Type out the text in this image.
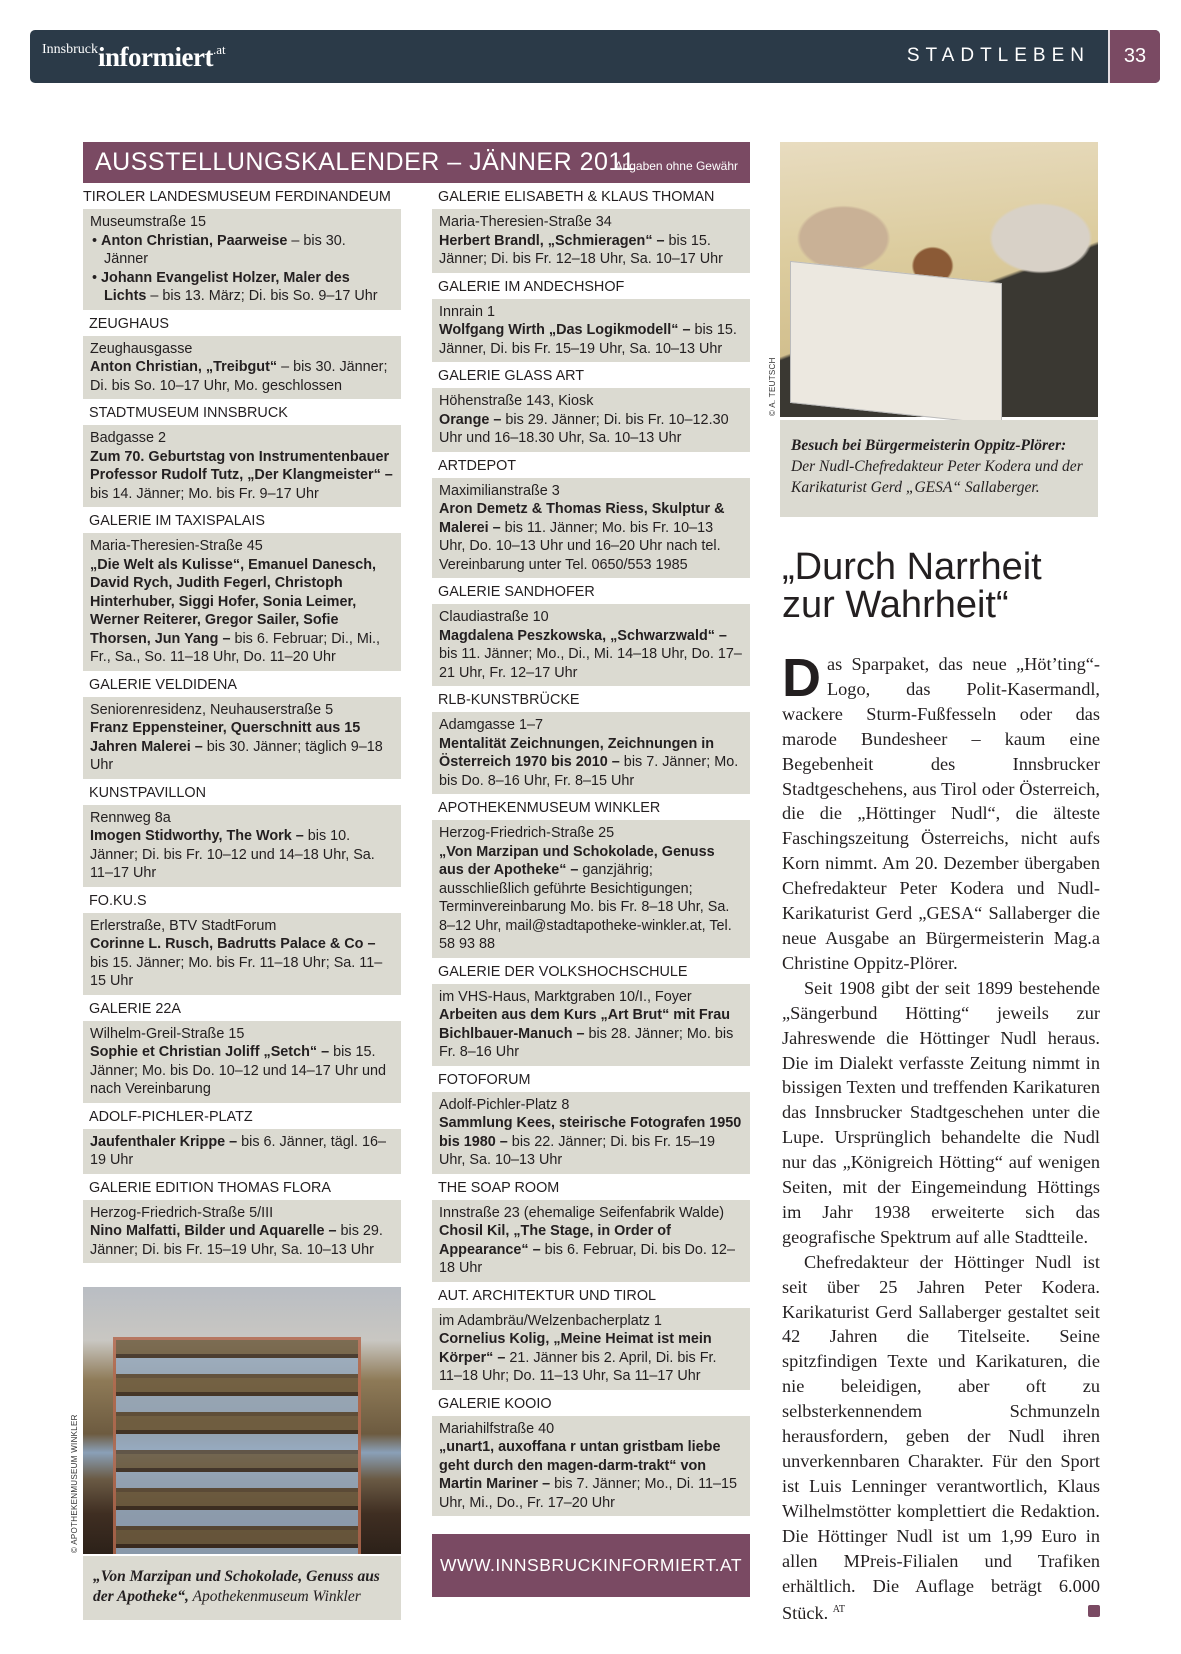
Innsbruckinformiert$^{.at}$	STADTLEBEN	33
AUSSTELLUNGSKALENDER – JÄNNER 2011
Angaben ohne Gewähr
TIROLER LANDESMUSEUM FERDINANDEUM
Museumstraße 15
• Anton Christian, Paarweise – bis 30. Jänner
• Johann Evangelist Holzer, Maler des Lichts – bis 13. März; Di. bis So. 9–17 Uhr
ZEUGHAUS
Zeughausgasse
Anton Christian, „Treibgut“ – bis 30. Jänner; Di. bis So. 10–17 Uhr, Mo. geschlossen
STADTMUSEUM INNSBRUCK
Badgasse 2
Zum 70. Geburtstag von Instrumentenbauer Professor Rudolf Tutz, „Der Klangmeister“ – bis 14. Jänner; Mo. bis Fr. 9–17 Uhr
GALERIE IM TAXISPALAIS
Maria-Theresien-Straße 45
„Die Welt als Kulisse“, Emanuel Danesch, David Rych, Judith Fegerl, Christoph Hinterhuber, Siggi Hofer, Sonia Leimer, Werner Reiterer, Gregor Sailer, Sofie Thorsen, Jun Yang – bis 6. Februar; Di., Mi., Fr., Sa., So. 11–18 Uhr, Do. 11–20 Uhr
GALERIE VELDIDENA
Seniorenresidenz, Neuhauserstraße 5
Franz Eppensteiner, Querschnitt aus 15 Jahren Malerei – bis 30. Jänner; täglich 9–18 Uhr
KUNSTPAVILLON
Rennweg 8a
Imogen Stidworthy, The Work – bis 10. Jänner; Di. bis Fr. 10–12 und 14–18 Uhr, Sa. 11–17 Uhr
FO.KU.S
Erlerstraße, BTV StadtForum
Corinne L. Rusch, Badrutts Palace & Co – bis 15. Jänner; Mo. bis Fr. 11–18 Uhr; Sa. 11–15 Uhr
GALERIE 22A
Wilhelm-Greil-Straße 15
Sophie et Christian Joliff „Setch“ – bis 15. Jänner; Mo. bis Do. 10–12 und 14–17 Uhr und nach Vereinbarung
ADOLF-PICHLER-PLATZ
Jaufenthaler Krippe – bis 6. Jänner, tägl. 16–19 Uhr
GALERIE EDITION THOMAS FLORA
Herzog-Friedrich-Straße 5/III
Nino Malfatti, Bilder und Aquarelle – bis 29. Jänner; Di. bis Fr. 15–19 Uhr, Sa. 10–13 Uhr
© APOTHEKENMUSEUM WINKLER
„Von Marzipan und Schokolade, Genuss aus der Apotheke“, Apothekenmuseum Winkler
GALERIE ELISABETH & KLAUS THOMAN
Maria-Theresien-Straße 34
Herbert Brandl, „Schmieragen“ – bis 15. Jänner; Di. bis Fr. 12–18 Uhr, Sa. 10–17 Uhr
GALERIE IM ANDECHSHOF
Innrain 1
Wolfgang Wirth „Das Logikmodell“ – bis 15. Jänner, Di. bis Fr. 15–19 Uhr, Sa. 10–13 Uhr
GALERIE GLASS ART
Höhenstraße 143, Kiosk
Orange – bis 29. Jänner; Di. bis Fr. 10–12.30 Uhr und 16–18.30 Uhr, Sa. 10–13 Uhr
ARTDEPOT
Maximilianstraße 3
Aron Demetz & Thomas Riess, Skulptur & Malerei – bis 11. Jänner; Mo. bis Fr. 10–13 Uhr, Do. 10–13 Uhr und 16–20 Uhr nach tel. Vereinbarung unter Tel. 0650/553 1985
GALERIE SANDHOFER
Claudiastraße 10
Magdalena Peszkowska, „Schwarzwald“ – bis 11. Jänner; Mo., Di., Mi. 14–18 Uhr, Do. 17–21 Uhr, Fr. 12–17 Uhr
RLB-KUNSTBRÜCKE
Adamgasse 1–7
Mentalität Zeichnungen, Zeichnungen in Österreich 1970 bis 2010 – bis 7. Jänner; Mo. bis Do. 8–16 Uhr, Fr. 8–15 Uhr
APOTHEKENMUSEUM WINKLER
Herzog-Friedrich-Straße 25
„Von Marzipan und Schokolade, Genuss aus der Apotheke“ – ganzjährig; ausschließlich geführte Besichtigungen; Terminvereinbarung Mo. bis Fr. 8–18 Uhr, Sa. 8–12 Uhr, mail@stadtapotheke-winkler.at, Tel. 58 93 88
GALERIE DER VOLKSHOCHSCHULE
im VHS-Haus, Marktgraben 10/I., Foyer
Arbeiten aus dem Kurs „Art Brut“ mit Frau Bichlbauer-Manuch – bis 28. Jänner; Mo. bis Fr. 8–16 Uhr
FOTOFORUM
Adolf-Pichler-Platz 8
Sammlung Kees, steirische Fotografen 1950 bis 1980 – bis 22. Jänner; Di. bis Fr. 15–19 Uhr, Sa. 10–13 Uhr
THE SOAP ROOM
Innstraße 23 (ehemalige Seifenfabrik Walde)
Chosil Kil, „The Stage, in Order of Appearance“ – bis 6. Februar, Di. bis Do. 12–18 Uhr
AUT. ARCHITEKTUR UND TIROL
im Adambräu/Welzenbacherplatz 1
Cornelius Kolig, „Meine Heimat ist mein Körper“ – 21. Jänner bis 2. April, Di. bis Fr. 11–18 Uhr; Do. 11–13 Uhr, Sa 11–17 Uhr
GALERIE KOOIO
Mariahilfstraße 40
„unart1, auxoffana r untan gristbam liebe geht durch den magen-darm-trakt“ von Martin Mariner – bis 7. Jänner; Mo., Di. 11–15 Uhr, Mi., Do., Fr. 17–20 Uhr
WWW.INNSBRUCKINFORMIERT.AT
© A. TEUTSCH
Besuch bei Bürgermeisterin Oppitz-Plörer:
Der Nudl-Chefredakteur Peter Kodera und der Karikaturist Gerd „GESA“ Sallaberger.
„Durch Narrheit zur Wahrheit“

Das Sparpaket, das neue „Höt’ting“-Logo, das Polit-Kasermandl, wackere Sturm-Fußfesseln oder das marode Bundesheer – kaum eine Begebenheit des Innsbrucker Stadtgeschehens, aus Tirol oder Österreich, die die „Höttinger Nudl“, die älteste Faschingszeitung Österreichs, nicht aufs Korn nimmt. Am 20. Dezember übergaben Chefredakteur Peter Kodera und Nudl-Karikaturist Gerd „GESA“ Sallaberger die neue Ausgabe an Bürgermeisterin Mag.a Christine Oppitz-Plörer.

Seit 1908 gibt der seit 1899 bestehende „Sängerbund Hötting“ jeweils zur Jahreswende die Höttinger Nudl heraus. Die im Dialekt verfasste Zeitung nimmt in bissigen Texten und treffenden Karikaturen das Innsbrucker Stadtgeschehen unter die Lupe. Ursprünglich behandelte die Nudl nur das „Königreich Hötting“ auf wenigen Seiten, mit der Eingemeindung Höttings im Jahr 1938 erweiterte sich das geografische Spektrum auf alle Stadtteile.

Chefredakteur der Höttinger Nudl ist seit über 25 Jahren Peter Kodera. Karikaturist Gerd Sallaberger gestaltet seit 42 Jahren die Titelseite. Seine spitzfindigen Texte und Karikaturen, die nie beleidigen, aber oft zu selbsterkennendem Schmunzeln herausfordern, geben der Nudl ihren unverkennbaren Charakter. Für den Sport ist Luis Lenninger verantwortlich, Klaus Wilhelmstötter komplettiert die Redaktion. Die Höttinger Nudl ist um 1,99 Euro in allen MPreis-Filialen und Trafiken erhältlich. Die Auflage beträgt 6.000 Stück. $^{AT}$
